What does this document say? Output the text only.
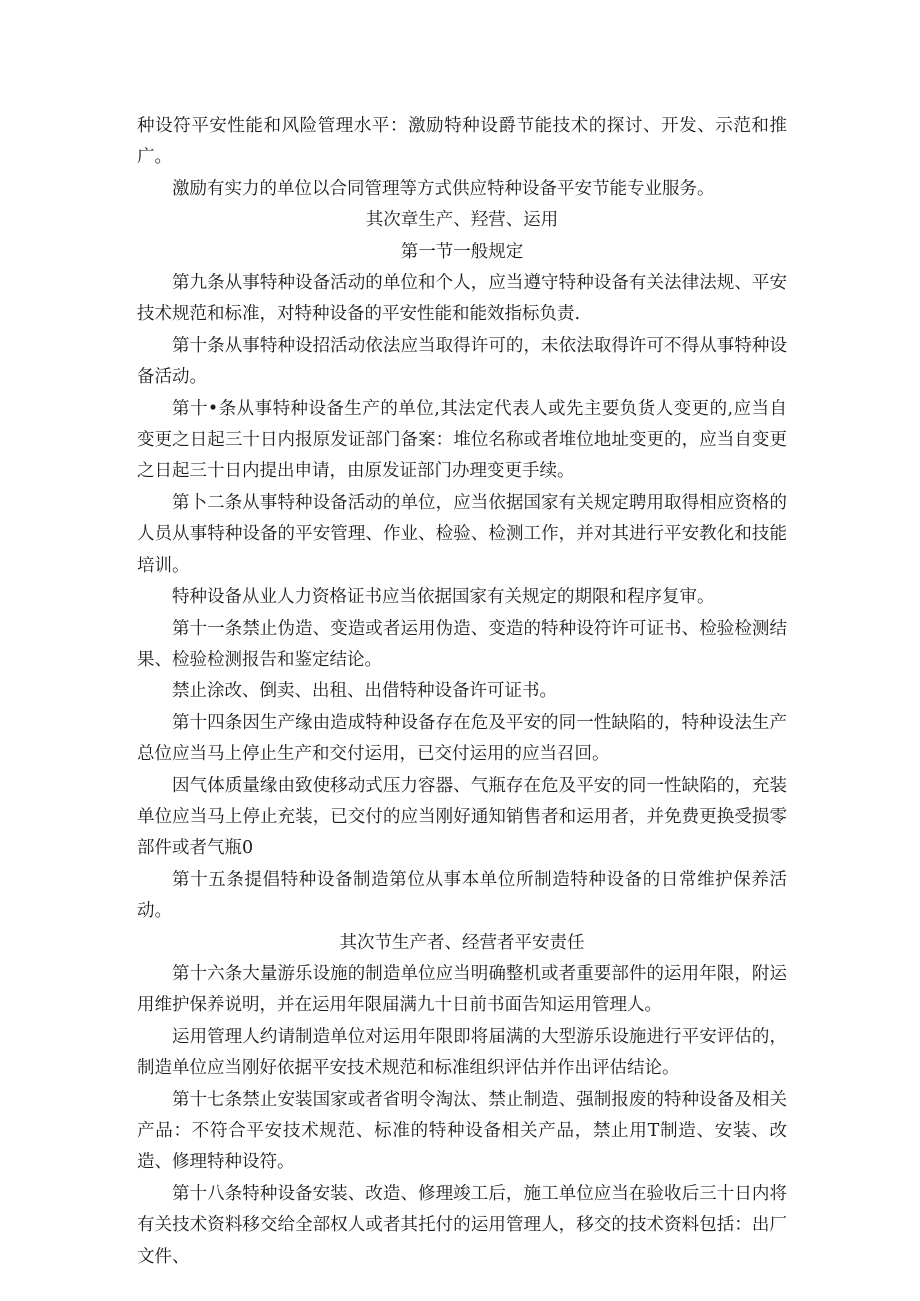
种设符平安性能和风险管理水平：激励特种设爵节能技术的探讨、开发、示范和推广。

激励有实力的单位以合同管理等方式供应特种设备平安节能专业服务。

其次章生产、羟营、运用

第一节一般规定

第九条从事特种设备活动的单位和个人，应当遵守特种设备有关法律法规、平安技术规范和标准，对特种设备的平安性能和能效指标负责.

第十条从事特种设招活动依法应当取得许可的，未依法取得许可不得从事特种设备活动。

第十•条从事特种设备生产的单位,其法定代表人或先主要负货人变更的,应当自变更之日起三十日内报原发证部门备案：堆位名称或者堆位地址变更的，应当自变更之日起三十日内提出申请，由原发证部门办理变更手续。

第卜二条从事特种设备活动的单位，应当依据国家有关规定聘用取得相应资格的人员从事特种设备的平安管理、作业、检验、检测工作，并对其进行平安教化和技能培训。

特种设备从业人力资格证书应当依据国家有关规定的期限和程序复审。

第十一条禁止伪造、变造或者运用伪造、变造的特种设符许可证书、检验检测结果、检验检测报告和鉴定结论。

禁止涂改、倒卖、出租、出借特种设备许可证书。

第十四条因生产缘由造成特种设备存在危及平安的同一性缺陷的，特种设法生产总位应当马上停止生产和交付运用，已交付运用的应当召回。

因气体质量缘由致使移动式压力容器、气瓶存在危及平安的同一性缺陷的，充装单位应当马上停止充装，已交付的应当刚好通知销售者和运用者，并免费更换受损零部件或者气瓶0

第十五条提倡特种设备制造第位从事本单位所制造特种设备的日常维护保养活动。

其次节生产者、经营者平安责任

第十六条大量游乐设施的制造单位应当明确整机或者重要部件的运用年限，附运用维护保养说明，并在运用年限届满九十日前书面告知运用管理人。

运用管理人约请制造单位对运用年限即将届满的大型游乐设施进行平安评估的，制造单位应当刚好依据平安技术规范和标准组织评估并作出评估结论。

第十七条禁止安装国家或者省明令淘汰、禁止制造、强制报废的特种设备及相关产品：不符合平安技术规范、标准的特种设备相关产品，禁止用T制造、安装、改造、修理特种设符。

第十八条特种设备安装、改造、修理竣工后，施工单位应当在验收后三十日内将有关技术资料移交给全部权人或者其托付的运用管理人，移交的技术资料包括：出厂文件、
